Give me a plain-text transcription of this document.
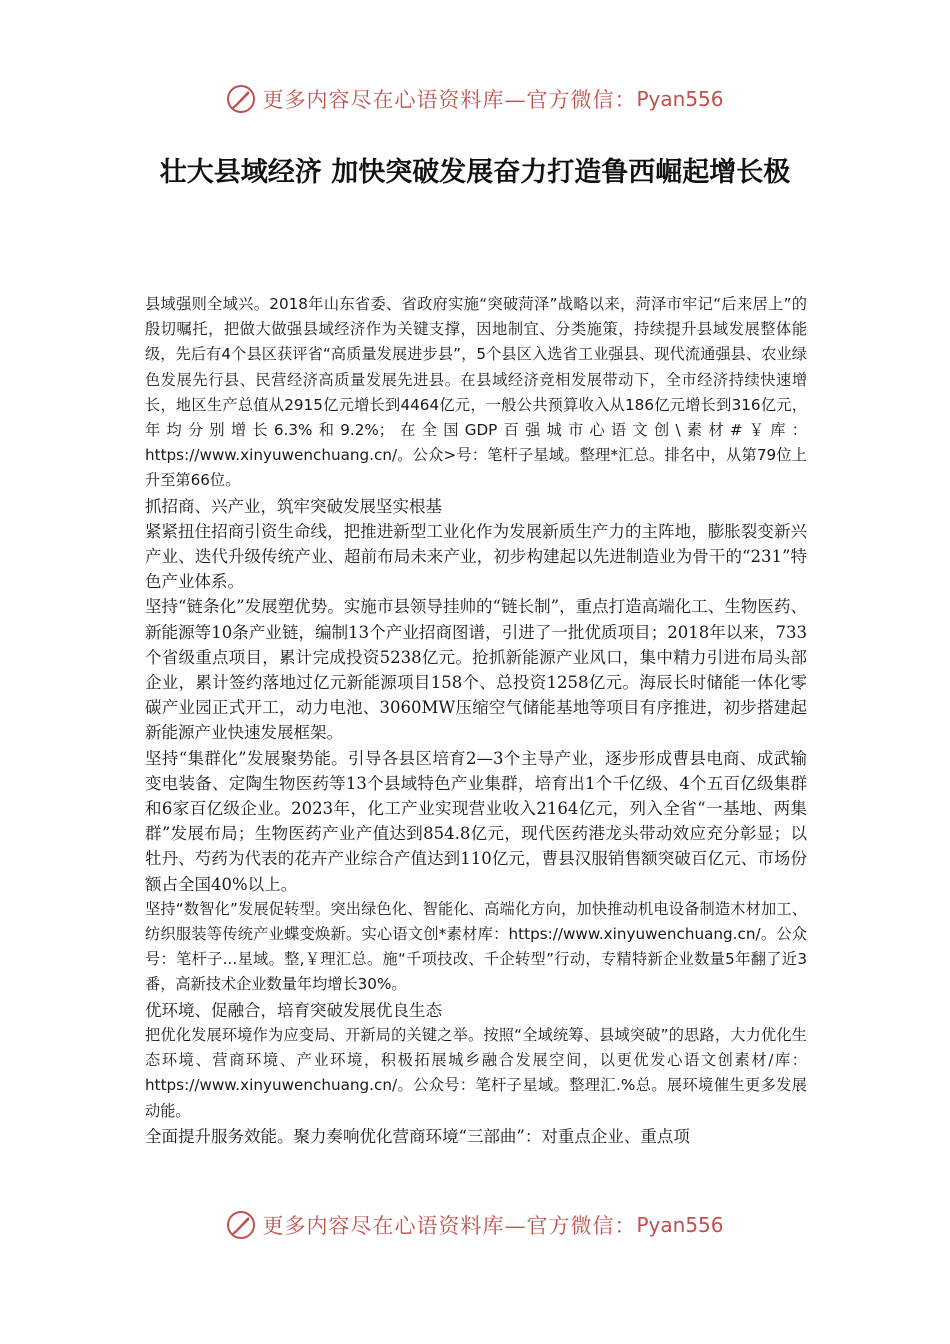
更多内容尽在心语资料库—官方微信： Pyan556
壮大县域经济 加快突破发展奋力打造鲁西崛起增长极

县域强则全域兴。2018年山东省委、省政府实施“突破菏泽”战略以来，菏泽市牢记“后来居上”的殷切嘱托，把做大做强县域经济作为关键支撑，因地制宜、分类施策，持续提升县域发展整体能级，先后有4个县区获评省“高质量发展进步县”，5个县区入选省工业强县、现代流通强县、农业绿色发展先行县、民营经济高质量发展先进县。在县域经济竞相发展带动下，全市经济持续快速增长，地区生产总值从2915亿元增长到4464亿元，一般公共预算收入从186亿元增长到316亿元，年均分别增长6.3%和9.2%；在全国GDP百强城市心语文创\素材#￥库：https://www.xinyuwenchuang.cn/。公众>号：笔杆子星域。整理*汇总。排名中，从第79位上升至第66位。

抓招商、兴产业，筑牢突破发展坚实根基

紧紧扭住招商引资生命线，把推进新型工业化作为发展新质生产力的主阵地，膨胀裂变新兴产业、迭代升级传统产业、超前布局未来产业，初步构建起以先进制造业为骨干的“231”特色产业体系。

坚持“链条化”发展塑优势。实施市县领导挂帅的“链长制”，重点打造高端化工、生物医药、新能源等10条产业链，编制13个产业招商图谱，引进了一批优质项目；2018年以来，733个省级重点项目，累计完成投资5238亿元。抢抓新能源产业风口，集中精力引进布局头部企业，累计签约落地过亿元新能源项目158个、总投资1258亿元。海辰长时储能一体化零碳产业园正式开工，动力电池、3060MW压缩空气储能基地等项目有序推进，初步搭建起新能源产业快速发展框架。

坚持“集群化”发展聚势能。引导各县区培育2—3个主导产业，逐步形成曹县电商、成武输变电装备、定陶生物医药等13个县域特色产业集群，培育出1个千亿级、4个五百亿级集群和6家百亿级企业。2023年，化工产业实现营业收入2164亿元，列入全省“一基地、两集群”发展布局；生物医药产业产值达到854.8亿元，现代医药港龙头带动效应充分彰显；以牡丹、芍药为代表的花卉产业综合产值达到110亿元，曹县汉服销售额突破百亿元、市场份额占全国40%以上。

坚持“数智化”发展促转型。突出绿色化、智能化、高端化方向，加快推动机电设备制造木材加工、纺织服装等传统产业蝶变焕新。实心语文创*素材库：https://www.xinyuwenchuang.cn/。公众号：笔杆子...星域。整,￥理汇总。施“千项技改、千企转型”行动，专精特新企业数量5年翻了近3番，高新技术企业数量年均增长30%。

优环境、促融合，培育突破发展优良生态

把优化发展环境作为应变局、开新局的关键之举。按照“全域统筹、县域突破”的思路，大力优化生态环境、营商环境、产业环境，积极拓展城乡融合发展空间，以更优发心语文创素材/库：https://www.xinyuwenchuang.cn/。公众号：笔杆子星域。整理汇.%总。展环境催生更多发展动能。

全面提升服务效能。聚力奏响优化营商环境“三部曲”：对重点企业、重点项

更多内容尽在心语资料库—官方微信： Pyan556
